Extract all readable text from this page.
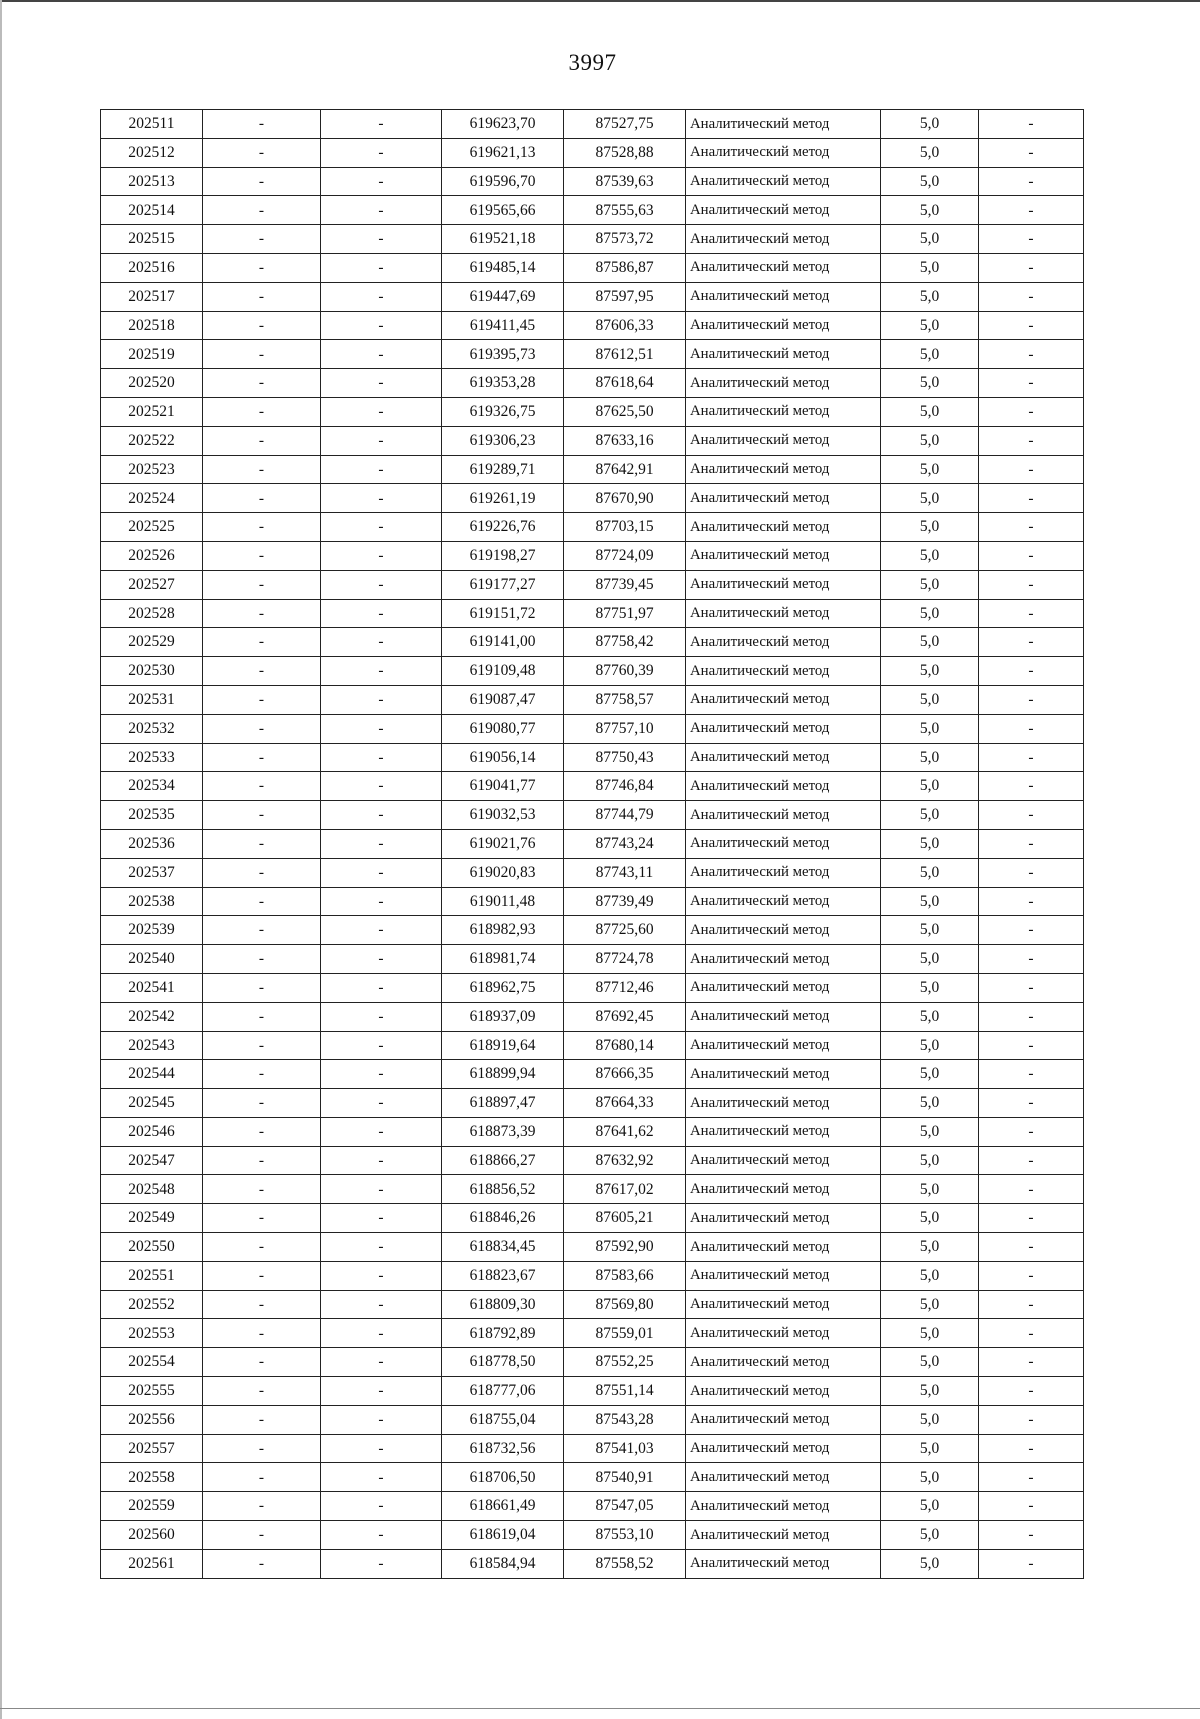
3997
202511	-	-	619623,70	87527,75	Аналитический метод	5,0	-
202512	-	-	619621,13	87528,88	Аналитический метод	5,0	-
202513	-	-	619596,70	87539,63	Аналитический метод	5,0	-
202514	-	-	619565,66	87555,63	Аналитический метод	5,0	-
202515	-	-	619521,18	87573,72	Аналитический метод	5,0	-
202516	-	-	619485,14	87586,87	Аналитический метод	5,0	-
202517	-	-	619447,69	87597,95	Аналитический метод	5,0	-
202518	-	-	619411,45	87606,33	Аналитический метод	5,0	-
202519	-	-	619395,73	87612,51	Аналитический метод	5,0	-
202520	-	-	619353,28	87618,64	Аналитический метод	5,0	-
202521	-	-	619326,75	87625,50	Аналитический метод	5,0	-
202522	-	-	619306,23	87633,16	Аналитический метод	5,0	-
202523	-	-	619289,71	87642,91	Аналитический метод	5,0	-
202524	-	-	619261,19	87670,90	Аналитический метод	5,0	-
202525	-	-	619226,76	87703,15	Аналитический метод	5,0	-
202526	-	-	619198,27	87724,09	Аналитический метод	5,0	-
202527	-	-	619177,27	87739,45	Аналитический метод	5,0	-
202528	-	-	619151,72	87751,97	Аналитический метод	5,0	-
202529	-	-	619141,00	87758,42	Аналитический метод	5,0	-
202530	-	-	619109,48	87760,39	Аналитический метод	5,0	-
202531	-	-	619087,47	87758,57	Аналитический метод	5,0	-
202532	-	-	619080,77	87757,10	Аналитический метод	5,0	-
202533	-	-	619056,14	87750,43	Аналитический метод	5,0	-
202534	-	-	619041,77	87746,84	Аналитический метод	5,0	-
202535	-	-	619032,53	87744,79	Аналитический метод	5,0	-
202536	-	-	619021,76	87743,24	Аналитический метод	5,0	-
202537	-	-	619020,83	87743,11	Аналитический метод	5,0	-
202538	-	-	619011,48	87739,49	Аналитический метод	5,0	-
202539	-	-	618982,93	87725,60	Аналитический метод	5,0	-
202540	-	-	618981,74	87724,78	Аналитический метод	5,0	-
202541	-	-	618962,75	87712,46	Аналитический метод	5,0	-
202542	-	-	618937,09	87692,45	Аналитический метод	5,0	-
202543	-	-	618919,64	87680,14	Аналитический метод	5,0	-
202544	-	-	618899,94	87666,35	Аналитический метод	5,0	-
202545	-	-	618897,47	87664,33	Аналитический метод	5,0	-
202546	-	-	618873,39	87641,62	Аналитический метод	5,0	-
202547	-	-	618866,27	87632,92	Аналитический метод	5,0	-
202548	-	-	618856,52	87617,02	Аналитический метод	5,0	-
202549	-	-	618846,26	87605,21	Аналитический метод	5,0	-
202550	-	-	618834,45	87592,90	Аналитический метод	5,0	-
202551	-	-	618823,67	87583,66	Аналитический метод	5,0	-
202552	-	-	618809,30	87569,80	Аналитический метод	5,0	-
202553	-	-	618792,89	87559,01	Аналитический метод	5,0	-
202554	-	-	618778,50	87552,25	Аналитический метод	5,0	-
202555	-	-	618777,06	87551,14	Аналитический метод	5,0	-
202556	-	-	618755,04	87543,28	Аналитический метод	5,0	-
202557	-	-	618732,56	87541,03	Аналитический метод	5,0	-
202558	-	-	618706,50	87540,91	Аналитический метод	5,0	-
202559	-	-	618661,49	87547,05	Аналитический метод	5,0	-
202560	-	-	618619,04	87553,10	Аналитический метод	5,0	-
202561	-	-	618584,94	87558,52	Аналитический метод	5,0	-
